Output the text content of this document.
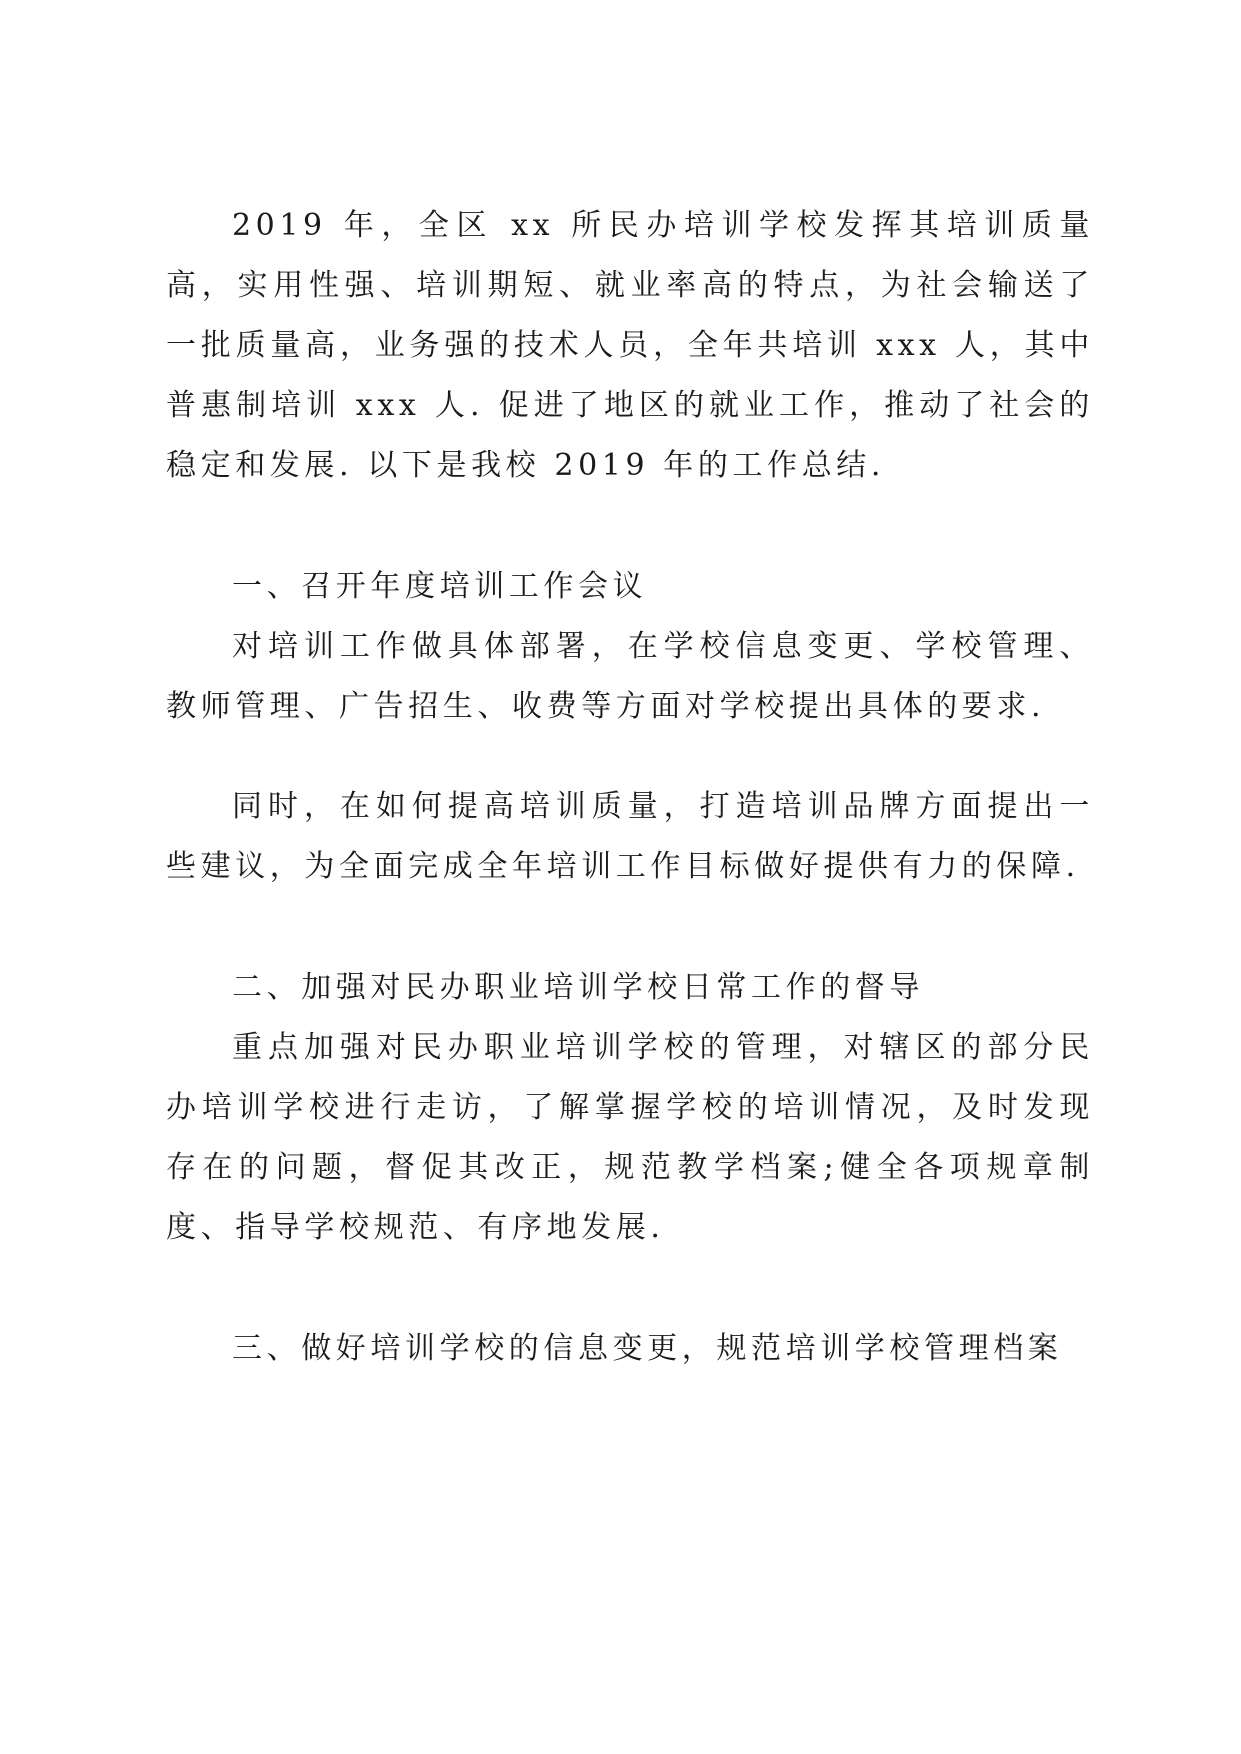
2019 年，全区 xx 所民办培训学校发挥其培训质量高，实用性强、培训期短、就业率高的特点，为社会输送了一批质量高，业务强的技术人员，全年共培训 xxx 人，其中普惠制培训 xxx 人. 促进了地区的就业工作，推动了社会的稳定和发展. 以下是我校 2019 年的工作总结.

一、召开年度培训工作会议

对培训工作做具体部署，在学校信息变更、学校管理、教师管理、广告招生、收费等方面对学校提出具体的要求.

同时，在如何提高培训质量，打造培训品牌方面提出一些建议，为全面完成全年培训工作目标做好提供有力的保障.

二、加强对民办职业培训学校日常工作的督导

重点加强对民办职业培训学校的管理，对辖区的部分民办培训学校进行走访，了解掌握学校的培训情况，及时发现存在的问题，督促其改正，规范教学档案;健全各项规章制度、指导学校规范、有序地发展.

三、做好培训学校的信息变更，规范培训学校管理档案
